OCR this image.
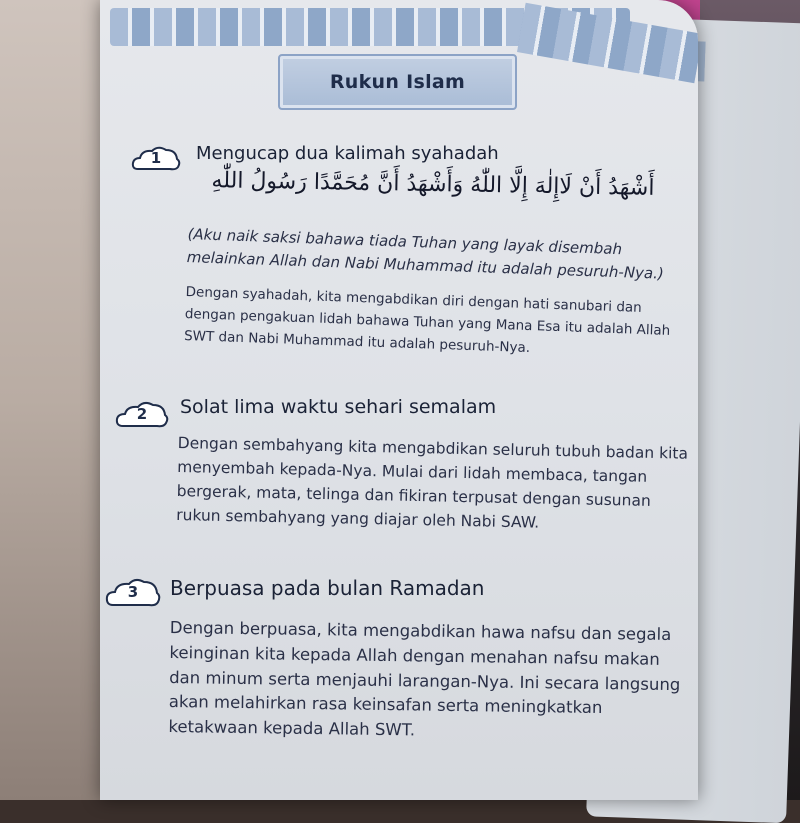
Rukun Islam
1 Mengucap dua kalimah syahadah
أَشْهَدُ أَنْ لَاإِلٰهَ إِلَّا اللّٰهُ وَأَشْهَدُ أَنَّ مُحَمَّدًا رَسُولُ اللّٰهِ
(Aku naik saksi bahawa tiada Tuhan yang layak disembah melainkan Allah dan Nabi Muhammad itu adalah pesuruh-Nya.)
Dengan syahadah, kita mengabdikan diri dengan hati sanubari dan dengan pengakuan lidah bahawa Tuhan yang Mana Esa itu adalah Allah SWT dan Nabi Muhammad itu adalah pesuruh-Nya.
2 Solat lima waktu sehari semalam
Dengan sembahyang kita mengabdikan seluruh tubuh badan kita menyembah kepada-Nya. Mulai dari lidah membaca, tangan bergerak, mata, telinga dan fikiran terpusat dengan susunan rukun sembahyang yang diajar oleh Nabi SAW.
3 Berpuasa pada bulan Ramadan
Dengan berpuasa, kita mengabdikan hawa nafsu dan segala keinginan kita kepada Allah dengan menahan nafsu makan dan minum serta menjauhi larangan-Nya. Ini secara langsung akan melahirkan rasa keinsafan serta meningkatkan ketakwaan kepada Allah SWT.
